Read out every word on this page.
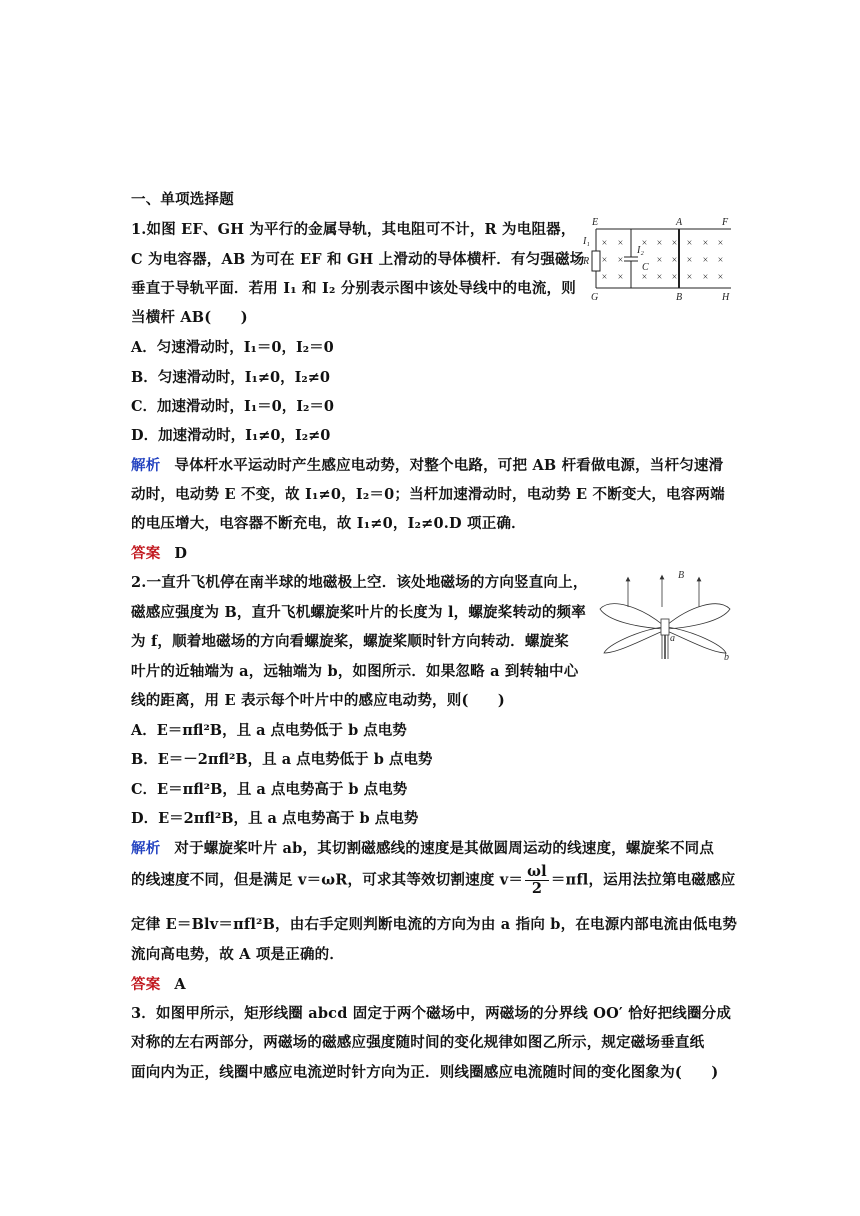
一、单项选择题
1.如图 EF、GH 为平行的金属导轨，其电阻可不计，R 为电阻器，
C 为电容器，AB 为可在 EF 和 GH 上滑动的导体横杆．有匀强磁场
垂直于导轨平面．若用 I₁ 和 I₂ 分别表示图中该处导线中的电流，则
当横杆 AB(　　)
E	A	F
I₁
R
I₂
C
G	B	H
× × × × × × × ×
× ×	× × × × ×
× × × × × × × ×
A．匀速滑动时，I₁＝0，I₂＝0
B．匀速滑动时，I₁≠0，I₂≠0
C．加速滑动时，I₁＝0，I₂＝0
D．加速滑动时，I₁≠0，I₂≠0
解析 导体杆水平运动时产生感应电动势，对整个电路，可把 AB 杆看做电源，当杆匀速滑
动时，电动势 E 不变，故 I₁≠0，I₂＝0；当杆加速滑动时，电动势 E 不断变大，电容两端
的电压增大，电容器不断充电，故 I₁≠0，I₂≠0.D 项正确．
答案 D
2.一直升飞机停在南半球的地磁极上空．该处地磁场的方向竖直向上，
磁感应强度为 B，直升飞机螺旋桨叶片的长度为 l，螺旋桨转动的频率
为 f，顺着地磁场的方向看螺旋桨，螺旋桨顺时针方向转动．螺旋桨
叶片的近轴端为 a，远轴端为 b，如图所示．如果忽略 a 到转轴中心
线的距离，用 E 表示每个叶片中的感应电动势，则(　　)
B
a
b
A．E＝πfl²B，且 a 点电势低于 b 点电势
B．E＝－2πfl²B，且 a 点电势低于 b 点电势
C．E＝πfl²B，且 a 点电势高于 b 点电势
D．E＝2πfl²B，且 a 点电势高于 b 点电势
解析 对于螺旋桨叶片 ab，其切割磁感线的速度是其做圆周运动的线速度，螺旋桨不同点
的线速度不同，但是满足 v＝ωR，可求其等效切割速度 $v= \frac{\omega l}{2} =\pi fl$，运用法拉第电磁感应
定律 E＝Blv＝πfl²B，由右手定则判断电流的方向为由 a 指向 b，在电源内部电流由低电势
流向高电势，故 A 项是正确的．
答案 A
3．如图甲所示，矩形线圈 abcd 固定于两个磁场中，两磁场的分界线 OO′ 恰好把线圈分成
对称的左右两部分，两磁场的磁感应强度随时间的变化规律如图乙所示，规定磁场垂直纸
面向内为正，线圈中感应电流逆时针方向为正．则线圈感应电流随时间的变化图象为(　　)
